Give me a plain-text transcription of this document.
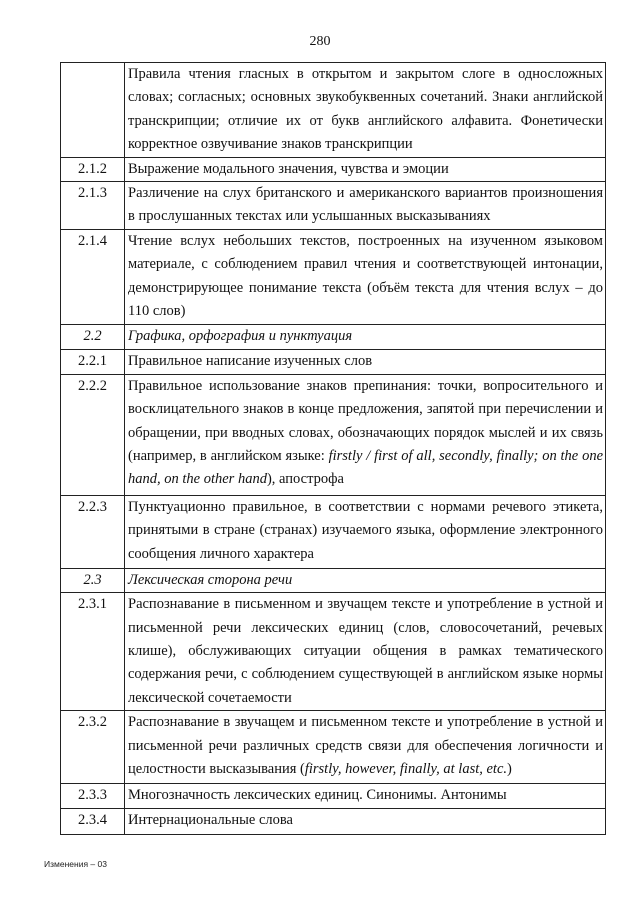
280
	Правила чтения гласных в открытом и закрытом слоге в односложных словах; согласных; основных звукобуквенных сочетаний. Знаки английской транскрипции; отличие их от букв английского алфавита. Фонетически корректное озвучивание знаков транскрипции
2.1.2	Выражение модального значения, чувства и эмоции
2.1.3	Различение на слух британского и американского вариантов произношения в прослушанных текстах или услышанных высказываниях
2.1.4	Чтение вслух небольших текстов, построенных на изученном языковом материале, с соблюдением правил чтения и соответствующей интонации, демонстрирующее понимание текста (объём текста для чтения вслух – до 110 слов)
2.2	Графика, орфография и пунктуация
2.2.1	Правильное написание изученных слов
2.2.2	Правильное использование знаков препинания: точки, вопросительного и восклицательного знаков в конце предложения, запятой при перечислении и обращении, при вводных словах, обозначающих порядок мыслей и их связь (например, в английском языке: firstly / first of all, secondly, finally; on the one hand, on the other hand), апострофа
2.2.3	Пунктуационно правильное, в соответствии с нормами речевого этикета, принятыми в стране (странах) изучаемого языка, оформление электронного сообщения личного характера
2.3	Лексическая сторона речи
2.3.1	Распознавание в письменном и звучащем тексте и употребление в устной и письменной речи лексических единиц (слов, словосочетаний, речевых клише), обслуживающих ситуации общения в рамках тематического содержания речи, с соблюдением существующей в английском языке нормы лексической сочетаемости
2.3.2	Распознавание в звучащем и письменном тексте и употребление в устной и письменной речи различных средств связи для обеспечения логичности и целостности высказывания (firstly, however, finally, at last, etc.)
2.3.3	Многозначность лексических единиц. Синонимы. Антонимы
2.3.4	Интернациональные слова
Изменения – 03
